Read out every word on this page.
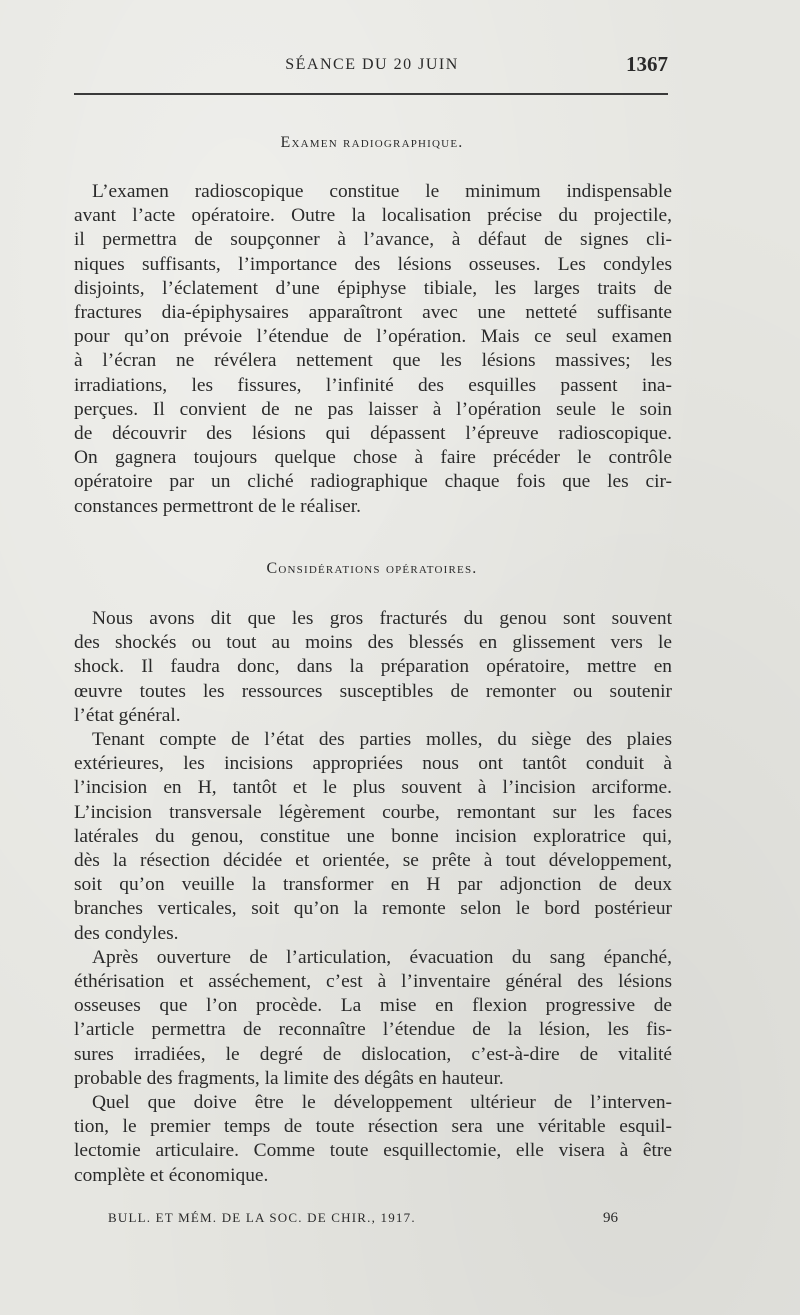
SÉANCE DU 20 JUIN	1367
Examen radiographique.
L’examen radioscopique constitue le minimum indispensable
avant l’acte opératoire. Outre la localisation précise du projectile,
il permettra de soupçonner à l’avance, à défaut de signes cli-
niques suffisants, l’importance des lésions osseuses. Les condyles
disjoints, l’éclatement d’une épiphyse tibiale, les larges traits de
fractures dia-épiphysaires apparaîtront avec une netteté suffisante
pour qu’on prévoie l’étendue de l’opération. Mais ce seul examen
à l’écran ne révélera nettement que les lésions massives; les
irradiations, les fissures, l’infinité des esquilles passent ina-
perçues. Il convient de ne pas laisser à l’opération seule le soin
de découvrir des lésions qui dépassent l’épreuve radioscopique.
On gagnera toujours quelque chose à faire précéder le contrôle
opératoire par un cliché radiographique chaque fois que les cir-
constances permettront de le réaliser.
Considérations opératoires.
Nous avons dit que les gros fracturés du genou sont souvent
des shockés ou tout au moins des blessés en glissement vers le
shock. Il faudra donc, dans la préparation opératoire, mettre en
œuvre toutes les ressources susceptibles de remonter ou soutenir
l’état général.
Tenant compte de l’état des parties molles, du siège des plaies
extérieures, les incisions appropriées nous ont tantôt conduit à
l’incision en H, tantôt et le plus souvent à l’incision arciforme.
L’incision transversale légèrement courbe, remontant sur les faces
latérales du genou, constitue une bonne incision exploratrice qui,
dès la résection décidée et orientée, se prête à tout développement,
soit qu’on veuille la transformer en H par adjonction de deux
branches verticales, soit qu’on la remonte selon le bord postérieur
des condyles.
Après ouverture de l’articulation, évacuation du sang épanché,
éthérisation et asséchement, c’est à l’inventaire général des lésions
osseuses que l’on procède. La mise en flexion progressive de
l’article permettra de reconnaître l’étendue de la lésion, les fis-
sures irradiées, le degré de dislocation, c’est-à-dire de vitalité
probable des fragments, la limite des dégâts en hauteur.
Quel que doive être le développement ultérieur de l’interven-
tion, le premier temps de toute résection sera une véritable esquil-
lectomie articulaire. Comme toute esquillectomie, elle visera à être
complète et économique.
BULL. ET MÉM. DE LA SOC. DE CHIR., 1917.	96
